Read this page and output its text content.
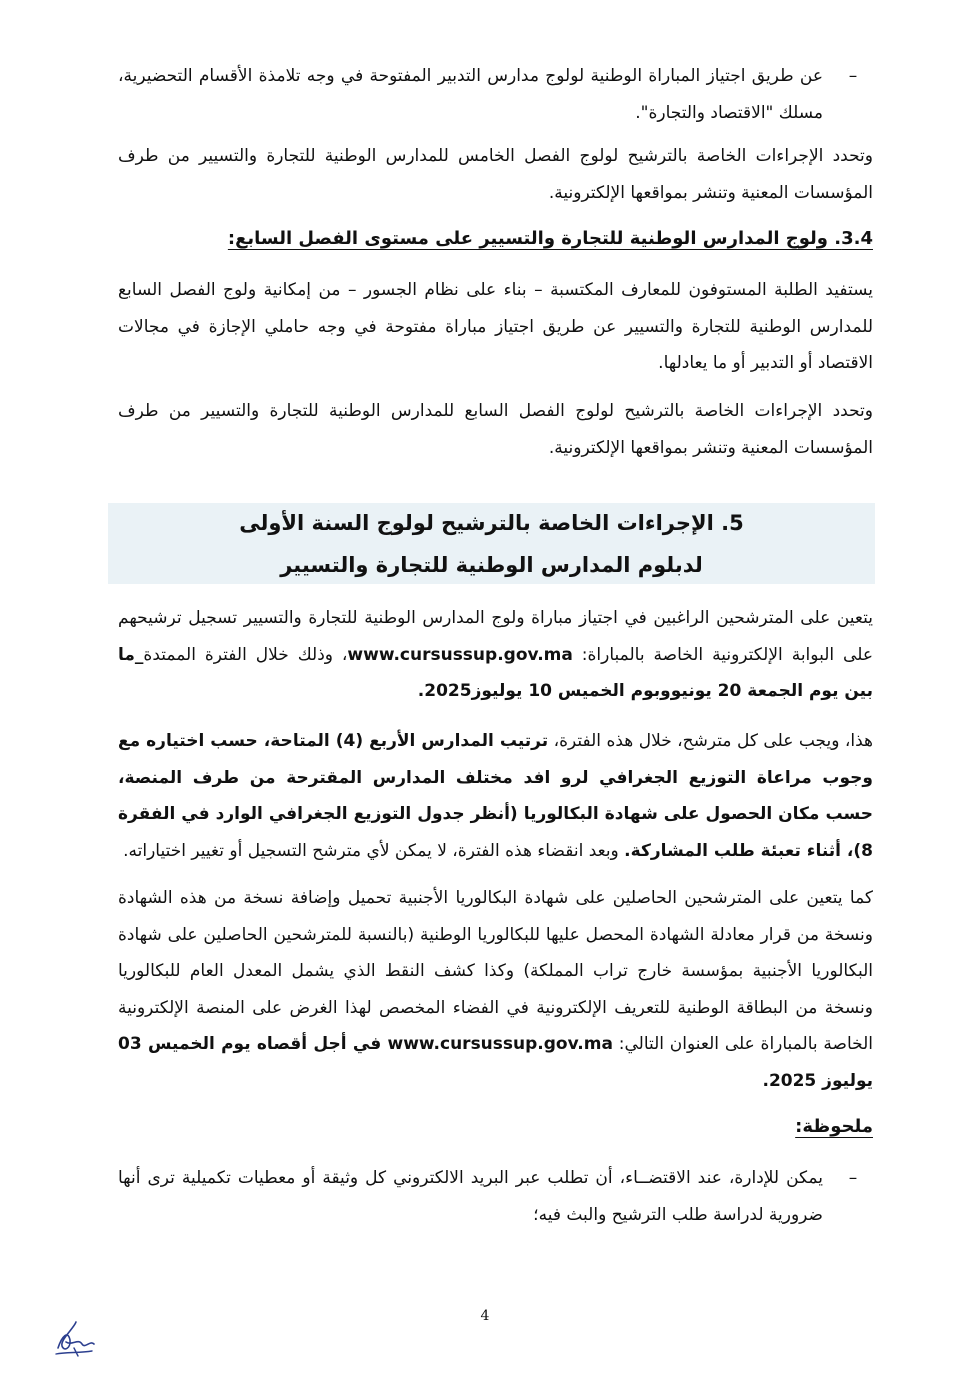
–
عن طريق اجتياز المباراة الوطنية لولوج مدارس التدبير المفتوحة في وجه تلامذة الأقسام التحضيرية، مسلك "الاقتصاد والتجارة".

وتحدد الإجراءات الخاصة بالترشيح لولوج الفصل الخامس للمدارس الوطنية للتجارة والتسيير من طرف المؤسسات المعنية وتنشر بمواقعها الإلكترونية.

3.4. ولوج المدارس الوطنية للتجارة والتسيير على مستوى الفصل السابع:

يستفيد الطلبة المستوفون للمعارف المكتسبة – بناء على نظام الجسور – من إمكانية ولوج الفصل السابع للمدارس الوطنية للتجارة والتسيير عن طريق اجتياز مباراة مفتوحة في وجه حاملي الإجازة في مجالات الاقتصاد أو التدبير أو ما يعادلها.

وتحدد الإجراءات الخاصة بالترشيح لولوج الفصل السابع للمدارس الوطنية للتجارة والتسيير من طرف المؤسسات المعنية وتنشر بمواقعها الإلكترونية.

5. الإجراءات الخاصة بالترشيح لولوج السنة الأولى

لدبلوم المدارس الوطنية للتجارة والتسيير

يتعين على المترشحين الراغبين في اجتياز مباراة ولوج المدارس الوطنية للتجارة والتسيير تسجيل ترشيحهم على البوابة الإلكترونية الخاصة بالمباراة: www.cursussup.gov.ma، وذلك خلال الفترة الممتدة_ما بين يوم الجمعة 20 يونيووبوم الخميس 10 يوليوز2025.

هذا، ويجب على كل مترشح، خلال هذه الفترة، ترتيب المدارس الأربع (4) المتاحة، حسب اختياره مع وجوب مراعاة التوزيع الجغرافي لرو افد مختلف المدارس المقترحة من طرف المنصة، حسب مكان الحصول على شهادة البكالوريا (أنظر جدول التوزيع الجغرافي الوارد في الفقرة 8)، أثناء تعبئة طلب المشاركة. وبعد انقضاء هذه الفترة، لا يمكن لأي مترشح التسجيل أو تغيير اختياراته.

كما يتعين على المترشحين الحاصلين على شهادة البكالوريا الأجنبية تحميل وإضافة نسخة من هذه الشهادة ونسخة من قرار معادلة الشهادة المحصل عليها للبكالوريا الوطنية (بالنسبة للمترشحين الحاصلين على شهادة البكالوريا الأجنبية بمؤسسة خارج تراب المملكة) وكذا كشف النقط الذي يشمل المعدل العام للبكالوريا ونسخة من البطاقة الوطنية للتعريف الإلكترونية في الفضاء المخصص لهذا الغرض على المنصة الإلكترونية الخاصة بالمباراة على العنوان التالي: www.cursussup.gov.ma في أجل أقصاه يوم الخميس 03 يوليوز 2025.

ملحوظة:

–
يمكن للإدارة، عند الاقتضــاء، أن تطلب عبر البريد الالكتروني كل وثيقة أو معطيات تكميلية ترى أنها ضرورية لدراسة طلب الترشيح والبث فيه؛
4
